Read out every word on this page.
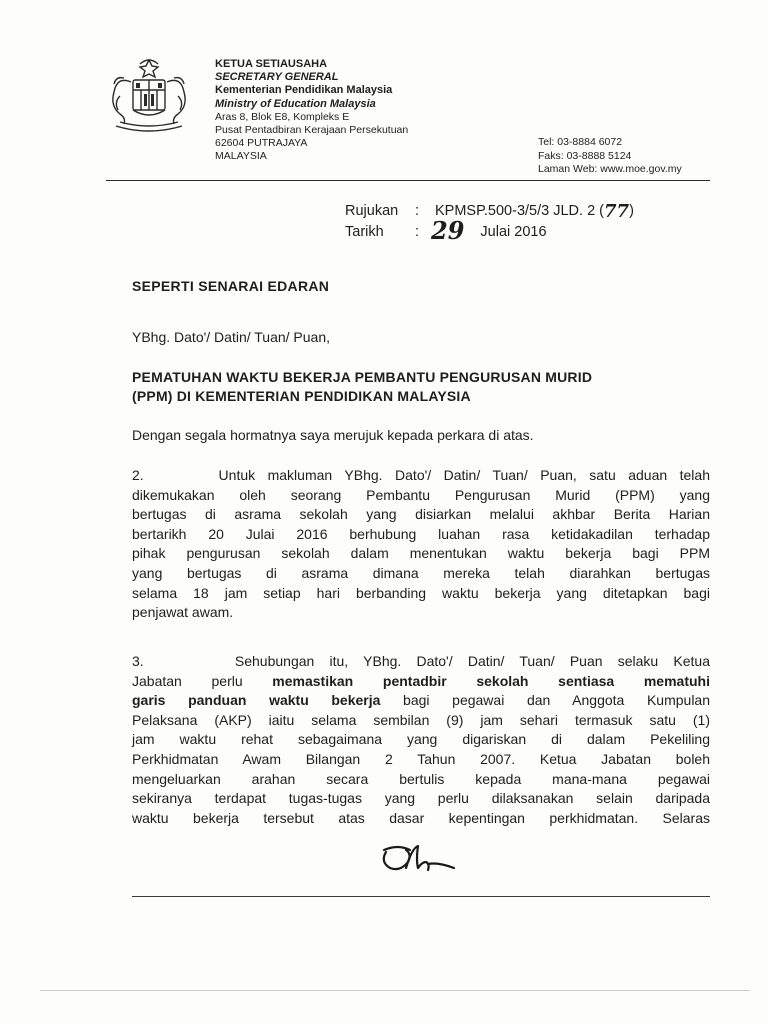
KETUA SETIAUSAHA
SECRETARY GENERAL
Kementerian Pendidikan Malaysia
Ministry of Education Malaysia
Aras 8, Blok E8, Kompleks E
Pusat Pentadbiran Kerajaan Persekutuan
62604 PUTRAJAYA
MALAYSIA
Tel: 03-8884 6072
Faks: 03-8888 5124
Laman Web: www.moe.gov.my
Rujukan	:	KPMSP.500-3/5/3 JLD. 2 ( 77 )
Tarikh	: 29 Julai 2016
SEPERTI SENARAI EDARAN
YBhg. Dato'/ Datin/ Tuan/ Puan,
PEMATUHAN WAKTU BEKERJA PEMBANTU PENGURUSAN MURID
(PPM) DI KEMENTERIAN PENDIDIKAN MALAYSIA
Dengan segala hormatnya saya merujuk kepada perkara di atas.
2.      Untuk makluman YBhg. Dato'/ Datin/ Tuan/ Puan, satu aduan telah
dikemukakan oleh seorang Pembantu Pengurusan Murid (PPM) yang
bertugas di asrama sekolah yang disiarkan melalui akhbar Berita Harian
bertarikh 20 Julai 2016 berhubung luahan rasa ketidakadilan terhadap
pihak pengurusan sekolah dalam menentukan waktu bekerja bagi PPM
yang bertugas di asrama dimana mereka telah diarahkan bertugas
selama 18 jam setiap hari berbanding waktu bekerja yang ditetapkan bagi
penjawat awam.
3.      Sehubungan itu, YBhg. Dato'/ Datin/ Tuan/ Puan selaku Ketua
Jabatan perlu memastikan pentadbir sekolah sentiasa mematuhi
garis panduan waktu bekerja bagi pegawai dan Anggota Kumpulan
Pelaksana (AKP) iaitu selama sembilan (9) jam sehari termasuk satu (1)
jam waktu rehat sebagaimana yang digariskan di dalam Pekeliling
Perkhidmatan Awam Bilangan 2 Tahun 2007. Ketua Jabatan boleh
mengeluarkan arahan secara bertulis kepada mana-mana pegawai
sekiranya terdapat tugas-tugas yang perlu dilaksanakan selain daripada
waktu bekerja tersebut atas dasar kepentingan perkhidmatan. Selaras
